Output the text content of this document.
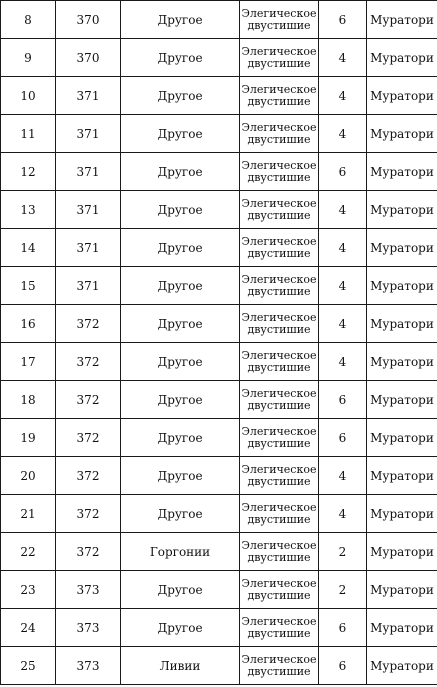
8	370	Другое	Элегическое
двустишие	6	Муратори
9	370	Другое	Элегическое
двустишие	4	Муратори
10	371	Другое	Элегическое
двустишие	4	Муратори
11	371	Другое	Элегическое
двустишие	4	Муратори
12	371	Другое	Элегическое
двустишие	6	Муратори
13	371	Другое	Элегическое
двустишие	4	Муратори
14	371	Другое	Элегическое
двустишие	4	Муратори
15	371	Другое	Элегическое
двустишие	4	Муратори
16	372	Другое	Элегическое
двустишие	4	Муратори
17	372	Другое	Элегическое
двустишие	4	Муратори
18	372	Другое	Элегическое
двустишие	6	Муратори
19	372	Другое	Элегическое
двустишие	6	Муратори
20	372	Другое	Элегическое
двустишие	4	Муратори
21	372	Другое	Элегическое
двустишие	4	Муратори
22	372	Горгонии	Элегическое
двустишие	2	Муратори
23	373	Другое	Элегическое
двустишие	2	Муратори
24	373	Другое	Элегическое
двустишие	6	Муратори
25	373	Ливии	Элегическое
двустишие	6	Муратори
